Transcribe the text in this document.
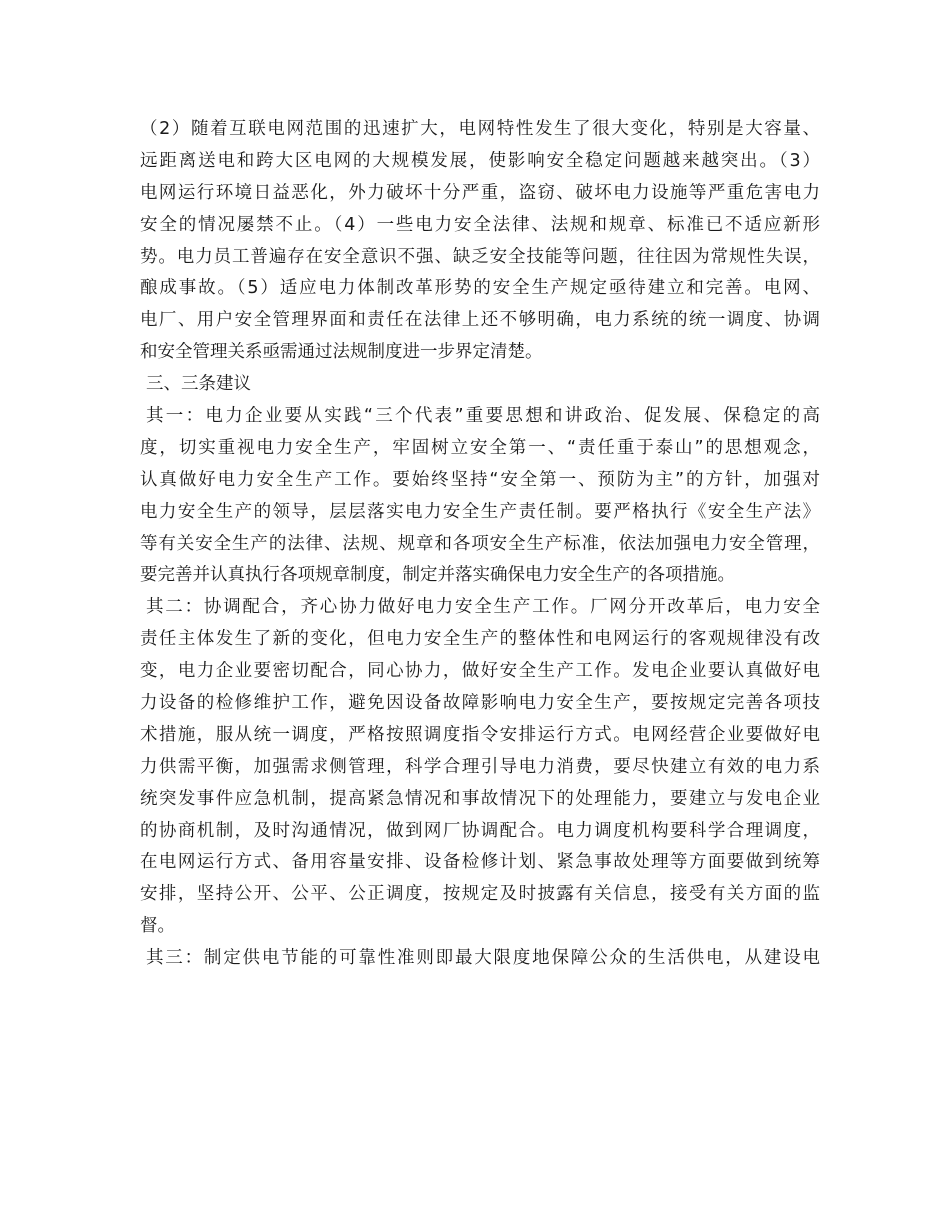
（2）随着互联电网范围的迅速扩大，电网特性发生了很大变化，特别是大容量、
远距离送电和跨大区电网的大规模发展，使影响安全稳定问题越来越突出。（3）
电网运行环境日益恶化，外力破坏十分严重，盗窃、破坏电力设施等严重危害电力
安全的情况屡禁不止。（4）一些电力安全法律、法规和规章、标准已不适应新形
势。电力员工普遍存在安全意识不强、缺乏安全技能等问题，往往因为常规性失误，
酿成事故。（5）适应电力体制改革形势的安全生产规定亟待建立和完善。电网、
电厂、用户安全管理界面和责任在法律上还不够明确，电力系统的统一调度、协调
和安全管理关系亟需通过法规制度进一步界定清楚。
三、三条建议
其一：电力企业要从实践“三个代表”重要思想和讲政治、促发展、保稳定的高
度，切实重视电力安全生产，牢固树立安全第一、“责任重于泰山”的思想观念，
认真做好电力安全生产工作。要始终坚持“安全第一、预防为主”的方针，加强对
电力安全生产的领导，层层落实电力安全生产责任制。要严格执行《安全生产法》
等有关安全生产的法律、法规、规章和各项安全生产标准，依法加强电力安全管理，
要完善并认真执行各项规章制度，制定并落实确保电力安全生产的各项措施。
其二：协调配合，齐心协力做好电力安全生产工作。厂网分开改革后，电力安全
责任主体发生了新的变化，但电力安全生产的整体性和电网运行的客观规律没有改
变，电力企业要密切配合，同心协力，做好安全生产工作。发电企业要认真做好电
力设备的检修维护工作，避免因设备故障影响电力安全生产，要按规定完善各项技
术措施，服从统一调度，严格按照调度指令安排运行方式。电网经营企业要做好电
力供需平衡，加强需求侧管理，科学合理引导电力消费，要尽快建立有效的电力系
统突发事件应急机制，提高紧急情况和事故情况下的处理能力，要建立与发电企业
的协商机制，及时沟通情况，做到网厂协调配合。电力调度机构要科学合理调度，
在电网运行方式、备用容量安排、设备检修计划、紧急事故处理等方面要做到统筹
安排，坚持公开、公平、公正调度，按规定及时披露有关信息，接受有关方面的监
督。
其三：制定供电节能的可靠性准则即最大限度地保障公众的生活供电，从建设电
